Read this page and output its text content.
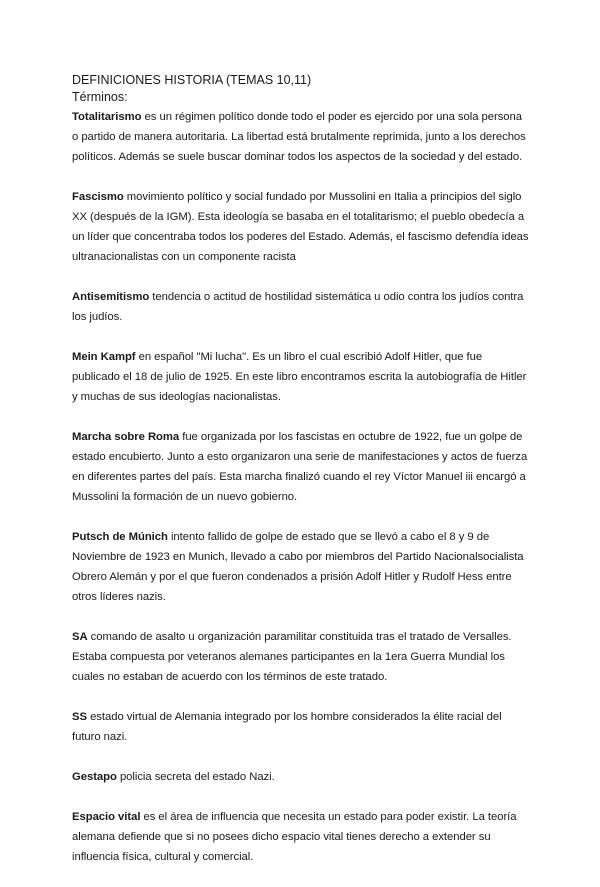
DEFINICIONES HISTORIA (TEMAS 10,11)

Términos:

Totalitarismo es un régimen político donde todo el poder es ejercido por una sola persona o partido de manera autoritaria. La libertad está brutalmente reprimida, junto a los derechos políticos. Además se suele buscar dominar todos los aspectos de la sociedad y del estado.

Fascismo movimiento político y social fundado por Mussolini en Italia a principios del siglo XX (después de la IGM). Esta ideología se basaba en el totalitarismo; el pueblo obedecía a un líder que concentraba todos los poderes del Estado. Además, el fascismo defendía ideas ultranacionalistas con un componente racista

Antisemitismo tendencia o actitud de hostilidad sistemática u odio contra los judíos contra los judíos.

Mein Kampf en español "Mi lucha". Es un libro el cual escribió Adolf Hitler, que fue publicado el 18 de julio de 1925. En este libro encontramos escrita la autobiografía de Hitler y muchas de sus ideologías nacionalistas.

Marcha sobre Roma fue organizada por los fascistas en octubre de 1922, fue un golpe de estado encubierto. Junto a esto organizaron una serie de manifestaciones y actos de fuerza en diferentes partes del país. Esta marcha finalizó cuando el rey Víctor Manuel iii encargó a Mussolini la formación de un nuevo gobierno.

Putsch de Múnich intento fallido de golpe de estado que se llevó a cabo el 8 y 9 de Noviembre de 1923 en Munich, llevado a cabo por miembros del Partido Nacionalsocialista Obrero Alemán y por el que fueron condenados a prisión Adolf Hitler y Rudolf Hess entre otros líderes nazis.

SA comando de asalto u organización paramilitar constituida tras el tratado de Versalles. Estaba compuesta por veteranos alemanes participantes en la 1era Guerra Mundial los cuales no estaban de acuerdo con los términos de este tratado.

SS estado virtual de Alemania integrado por los hombre considerados la élite racial del futuro nazi.

Gestapo policia secreta del estado Nazi.

Espacio vital es el área de influencia que necesita un estado para poder existir. La teoría alemana defiende que si no posees dicho espacio vital tienes derecho a extender su influencia física, cultural y comercial.
